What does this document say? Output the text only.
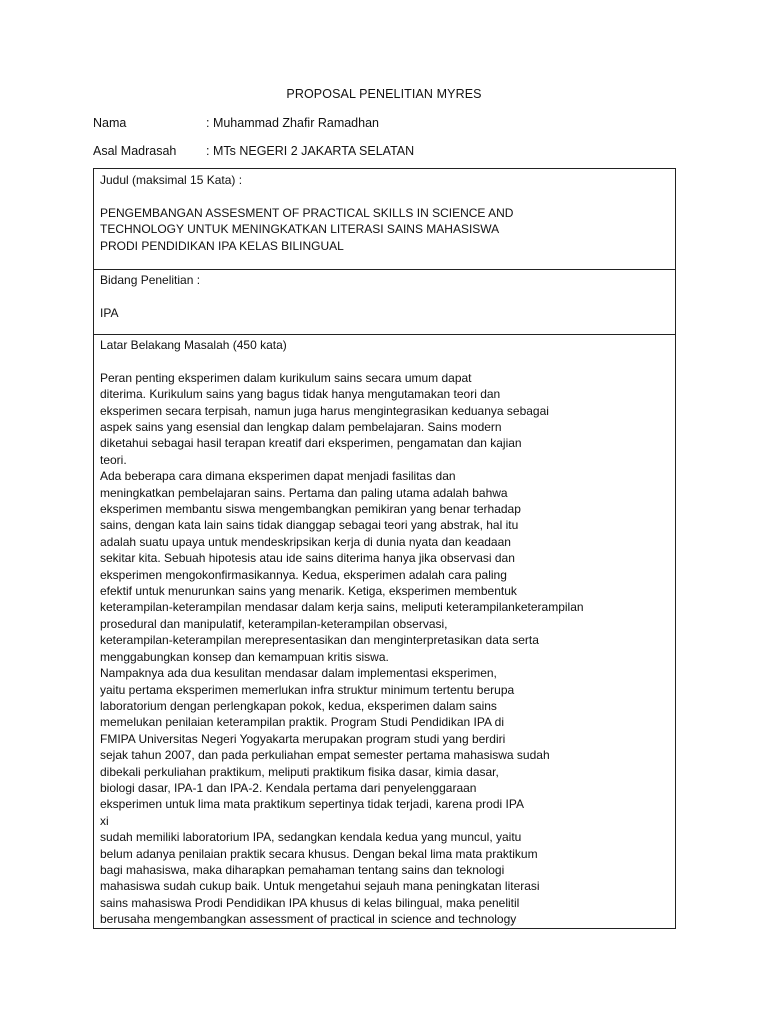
PROPOSAL PENELITIAN MYRES
Nama	: Muhammad Zhafir Ramadhan
Asal Madrasah : MTs NEGERI 2 JAKARTA SELATAN
Judul (maksimal 15 Kata) :
PENGEMBANGAN ASSESMENT OF PRACTICAL SKILLS IN SCIENCE AND
TECHNOLOGY UNTUK MENINGKATKAN LITERASI SAINS MAHASISWA
PRODI PENDIDIKAN IPA KELAS BILINGUAL

Bidang Penelitian :
IPA

Latar Belakang Masalah (450 kata)
Peran penting eksperimen dalam kurikulum sains secara umum dapat
diterima. Kurikulum sains yang bagus tidak hanya mengutamakan teori dan
eksperimen secara terpisah, namun juga harus mengintegrasikan keduanya sebagai
aspek sains yang esensial dan lengkap dalam pembelajaran. Sains modern
diketahui sebagai hasil terapan kreatif dari eksperimen, pengamatan dan kajian
teori.
Ada beberapa cara dimana eksperimen dapat menjadi fasilitas dan
meningkatkan pembelajaran sains. Pertama dan paling utama adalah bahwa
eksperimen membantu siswa mengembangkan pemikiran yang benar terhadap
sains, dengan kata lain sains tidak dianggap sebagai teori yang abstrak, hal itu
adalah suatu upaya untuk mendeskripsikan kerja di dunia nyata dan keadaan
sekitar kita. Sebuah hipotesis atau ide sains diterima hanya jika observasi dan
eksperimen mengokonfirmasikannya. Kedua, eksperimen adalah cara paling
efektif untuk menurunkan sains yang menarik. Ketiga, eksperimen membentuk
keterampilan-keterampilan mendasar dalam kerja sains, meliputi keterampilanketerampilan
prosedural dan manipulatif, keterampilan-keterampilan observasi,
keterampilan-keterampilan merepresentasikan dan menginterpretasikan data serta
menggabungkan konsep dan kemampuan kritis siswa.
Nampaknya ada dua kesulitan mendasar dalam implementasi eksperimen,
yaitu pertama eksperimen memerlukan infra struktur minimum tertentu berupa
laboratorium dengan perlengkapan pokok, kedua, eksperimen dalam sains
memelukan penilaian keterampilan praktik. Program Studi Pendidikan IPA di
FMIPA Universitas Negeri Yogyakarta merupakan program studi yang berdiri
sejak tahun 2007, dan pada perkuliahan empat semester pertama mahasiswa sudah
dibekali perkuliahan praktikum, meliputi praktikum fisika dasar, kimia dasar,
biologi dasar, IPA-1 dan IPA-2. Kendala pertama dari penyelenggaraan
eksperimen untuk lima mata praktikum sepertinya tidak terjadi, karena prodi IPA
xi
sudah memiliki laboratorium IPA, sedangkan kendala kedua yang muncul, yaitu
belum adanya penilaian praktik secara khusus. Dengan bekal lima mata praktikum
bagi mahasiswa, maka diharapkan pemahaman tentang sains dan teknologi
mahasiswa sudah cukup baik. Untuk mengetahui sejauh mana peningkatan literasi
sains mahasiswa Prodi Pendidikan IPA khusus di kelas bilingual, maka penelitil
berusaha mengembangkan assessment of practical in science and technology
